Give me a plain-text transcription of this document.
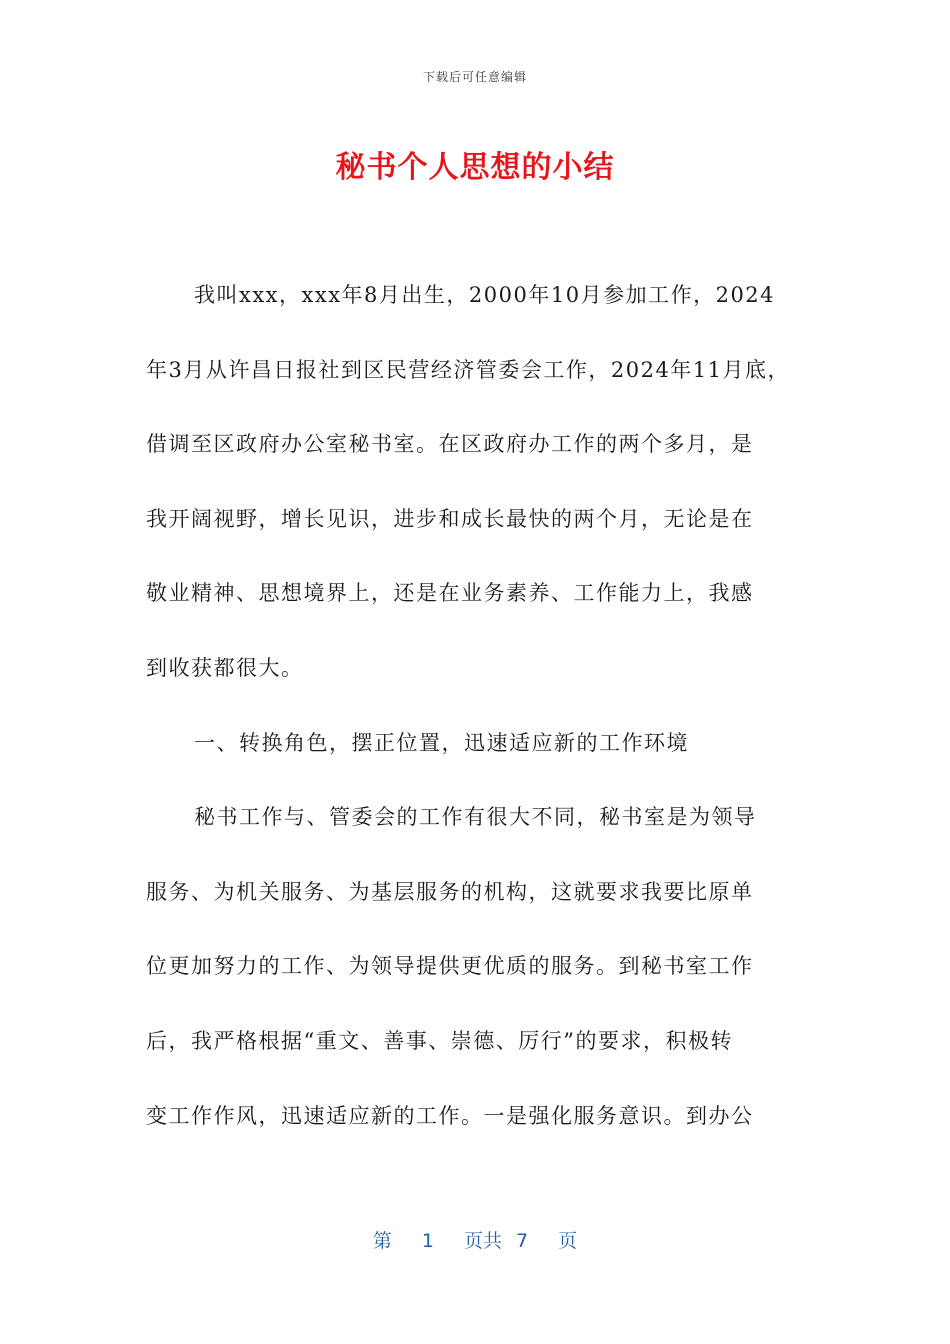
下载后可任意编辑
秘书个人思想的小结
我叫xxx，xxx年8月出生，2000年10月参加工作，2024
年3月从许昌日报社到区民营经济管委会工作，2024年11月底，
借调至区政府办公室秘书室。在区政府办工作的两个多月，是
我开阔视野，增长见识，进步和成长最快的两个月，无论是在
敬业精神、思想境界上，还是在业务素养、工作能力上，我感
到收获都很大。
一、转换角色，摆正位置，迅速适应新的工作环境
秘书工作与、管委会的工作有很大不同，秘书室是为领导
服务、为机关服务、为基层服务的机构，这就要求我要比原单
位更加努力的工作、为领导提供更优质的服务。到秘书室工作
后，我严格根据“重文、善事、崇德、厉行”的要求，积极转
变工作作风，迅速适应新的工作。一是强化服务意识。到办公
第 1 页共 7 页
